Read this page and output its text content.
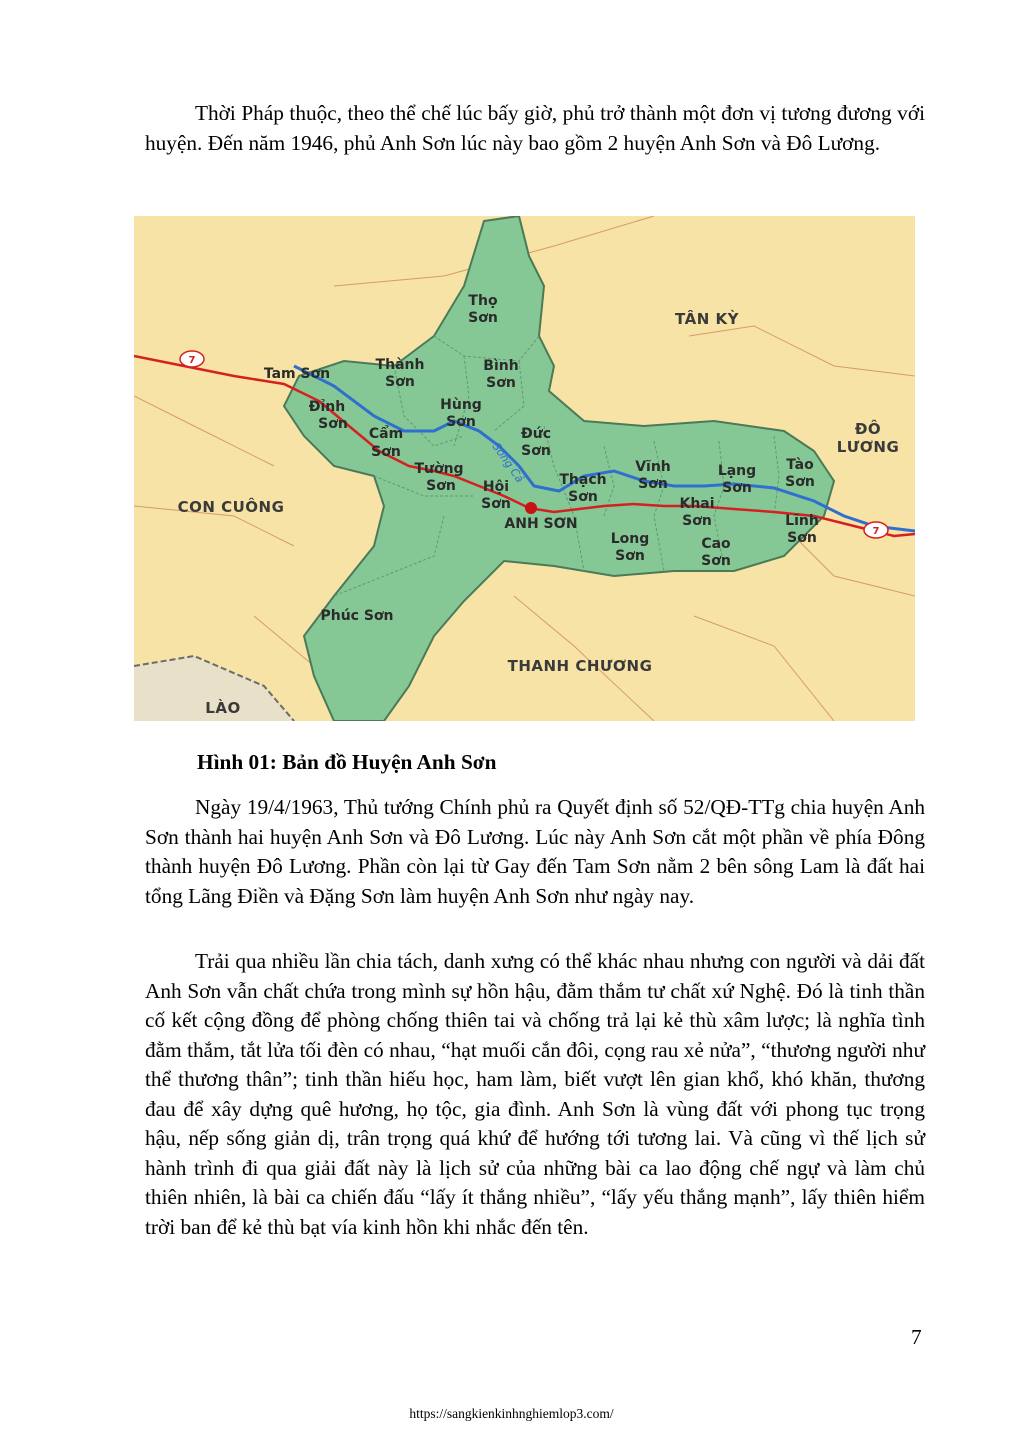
Thời Pháp thuộc, theo thể chế lúc bấy giờ, phủ trở thành một đơn vị tương đương với huyện. Đến năm 1946, phủ Anh Sơn lúc này bao gồm 2 huyện Anh Sơn và Đô Lương.

7
7
TÂN KỲ
ĐÔ
LƯƠNG
CON CUÔNG
THANH CHƯƠNG
LÀO
Thọ
Sơn
Tam Sơn
Thành
Sơn
Bình
Sơn
Đỉnh
Sơn
Hùng
Sơn
Cẩm
Sơn
Đức
Sơn
Tường
Sơn Hội
Sơn
Thạch
Sơn
Vĩnh
Sơn
Lạng
Sơn
Tào
Sơn
Khai
Sơn	Lĩnh
Sơn
Long
Sơn
Cao
Sơn
Phúc Sơn
ANH SƠN
Sông Cả

Hình 01: Bản đồ Huyện Anh Sơn

Ngày 19/4/1963, Thủ tướng Chính phủ ra Quyết định số 52/QĐ-TTg chia huyện Anh Sơn thành hai huyện Anh Sơn và Đô Lương. Lúc này Anh Sơn cắt một phần về phía Đông thành huyện Đô Lương. Phần còn lại từ Gay đến Tam Sơn nằm 2 bên sông Lam là đất hai tổng Lãng Điền và Đặng Sơn làm huyện Anh Sơn như ngày nay.

Trải qua nhiều lần chia tách, danh xưng có thể khác nhau nhưng con người và dải đất Anh Sơn vẫn chất chứa trong mình sự hồn hậu, đằm thắm tư chất xứ Nghệ. Đó là tinh thần cố kết cộng đồng để phòng chống thiên tai và chống trả lại kẻ thù xâm lược; là nghĩa tình đằm thắm, tắt lửa tối đèn có nhau, “hạt muối cắn đôi, cọng rau xẻ nửa”, “thương người như thể thương thân”; tinh thần hiếu học, ham làm, biết vượt lên gian khổ, khó khăn, thương đau để xây dựng quê hương, họ tộc, gia đình. Anh Sơn là vùng đất với phong tục trọng hậu, nếp sống giản dị, trân trọng quá khứ để hướng tới tương lai. Và cũng vì thế lịch sử hành trình đi qua giải đất này là lịch sử của những bài ca lao động chế ngự và làm chủ thiên nhiên, là bài ca chiến đấu “lấy ít thắng nhiều”, “lấy yếu thắng mạnh”, lấy thiên hiểm trời ban để kẻ thù bạt vía kinh hồn khi nhắc đến tên.

7
https://sangkienkinhnghiemlop3.com/
